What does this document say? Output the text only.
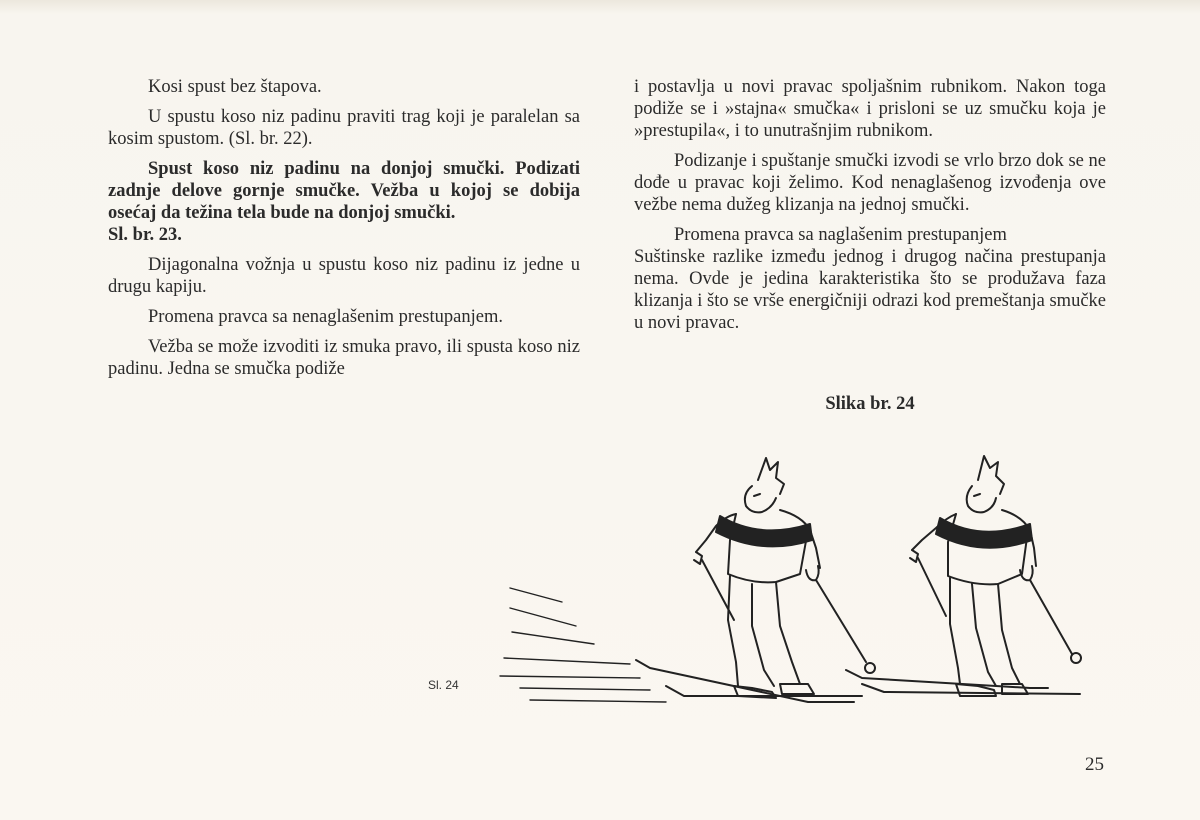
Kosi spust bez štapova.

U spustu koso niz padinu praviti trag koji je paralelan sa kosim spustom. (Sl. br. 22).

Spust koso niz padinu na donjoj smučki. Podizati zadnje delove gornje smučke. Vežba u kojoj se dobija osećaj da težina tela bude na donjoj smučki.

Sl. br. 23.

Dijagonalna vožnja u spustu koso niz padinu iz jedne u drugu kapiju.

Promena pravca sa nenaglašenim prestupanjem.

Vežba se može izvoditi iz smuka pravo, ili spusta koso niz padinu. Jedna se smučka podiže

i postavlja u novi pravac spoljašnim rubnikom. Nakon toga podiže se i »stajna« smučka« i prisloni se uz smučku koja je »prestupila«, i to unutrašnjim rubnikom.

Podizanje i spuštanje smučki izvodi se vrlo brzo dok se ne dođe u pravac koji želimo. Kod nenaglašenog izvođenja ove vežbe nema dužeg klizanja na jednoj smučki.

Promena pravca sa naglašenim prestupanjem

Suštinske razlike između jednog i drugog načina prestupanja nema. Ovde je jedina karakteristika što se produžava faza klizanja i što se vrše energičniji odrazi kod premeštanja smučke u novi pravac.

Slika br. 24
Sl. 24
25
